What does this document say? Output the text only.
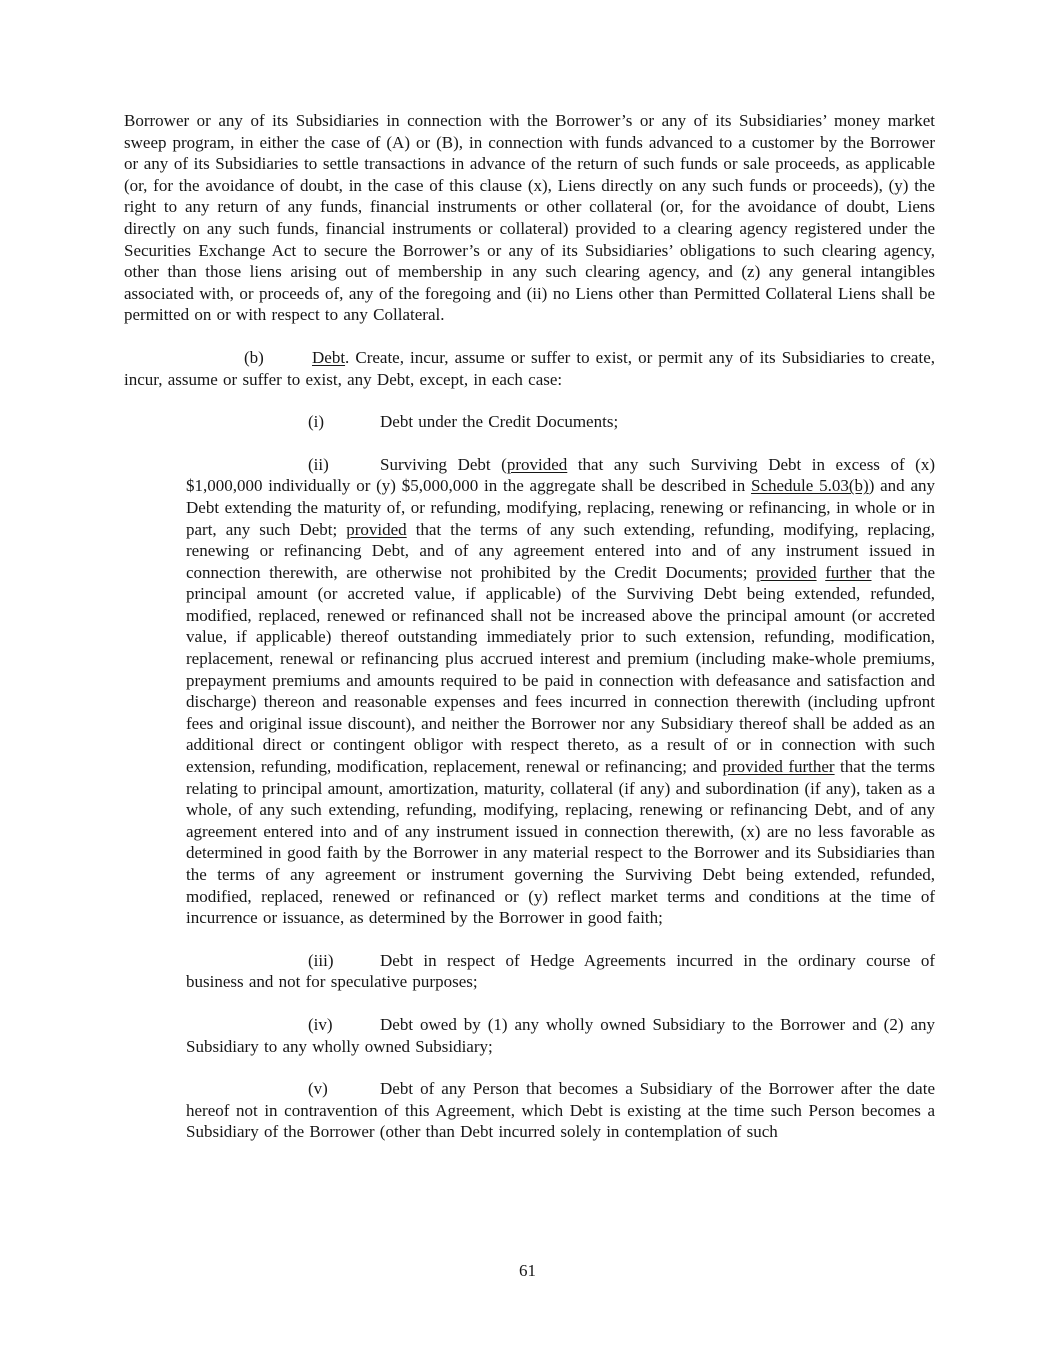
Borrower or any of its Subsidiaries in connection with the Borrower’s or any of its Subsidiaries’ money market sweep program, in either the case of (A) or (B), in connection with funds advanced to a customer by the Borrower or any of its Subsidiaries to settle transactions in advance of the return of such funds or sale proceeds, as applicable (or, for the avoidance of doubt, in the case of this clause (x), Liens directly on any such funds or proceeds), (y) the right to any return of any funds, financial instruments or other collateral (or, for the avoidance of doubt, Liens directly on any such funds, financial instruments or collateral) provided to a clearing agency registered under the Securities Exchange Act to secure the Borrower’s or any of its Subsidiaries’ obligations to such clearing agency, other than those liens arising out of membership in any such clearing agency, and (z) any general intangibles associated with, or proceeds of, any of the foregoing and (ii) no Liens other than Permitted Collateral Liens shall be permitted on or with respect to any Collateral.

(b)	Debt. Create, incur, assume or suffer to exist, or permit any of its Subsidiaries to create, incur, assume or suffer to exist, any Debt, except, in each case:

(i)	Debt under the Credit Documents;

(ii)	Surviving Debt (provided that any such Surviving Debt in excess of (x) $1,000,000 individually or (y) $5,000,000 in the aggregate shall be described in Schedule 5.03(b)) and any Debt extending the maturity of, or refunding, modifying, replacing, renewing or refinancing, in whole or in part, any such Debt; provided that the terms of any such extending, refunding, modifying, replacing, renewing or refinancing Debt, and of any agreement entered into and of any instrument issued in connection therewith, are otherwise not prohibited by the Credit Documents; provided further that the principal amount (or accreted value, if applicable) of the Surviving Debt being extended, refunded, modified, replaced, renewed or refinanced shall not be increased above the principal amount (or accreted value, if applicable) thereof outstanding immediately prior to such extension, refunding, modification, replacement, renewal or refinancing plus accrued interest and premium (including make-whole premiums, prepayment premiums and amounts required to be paid in connection with defeasance and satisfaction and discharge) thereon and reasonable expenses and fees incurred in connection therewith (including upfront fees and original issue discount), and neither the Borrower nor any Subsidiary thereof shall be added as an additional direct or contingent obligor with respect thereto, as a result of or in connection with such extension, refunding, modification, replacement, renewal or refinancing; and provided further that the terms relating to principal amount, amortization, maturity, collateral (if any) and subordination (if any), taken as a whole, of any such extending, refunding, modifying, replacing, renewing or refinancing Debt, and of any agreement entered into and of any instrument issued in connection therewith, (x) are no less favorable as determined in good faith by the Borrower in any material respect to the Borrower and its Subsidiaries than the terms of any agreement or instrument governing the Surviving Debt being extended, refunded, modified, replaced, renewed or refinanced or (y) reflect market terms and conditions at the time of incurrence or issuance, as determined by the Borrower in good faith;

(iii)	Debt in respect of Hedge Agreements incurred in the ordinary course of business and not for speculative purposes;

(iv)	Debt owed by (1) any wholly owned Subsidiary to the Borrower and (2) any Subsidiary to any wholly owned Subsidiary;

(v)	Debt of any Person that becomes a Subsidiary of the Borrower after the date hereof not in contravention of this Agreement, which Debt is existing at the time such Person becomes a Subsidiary of the Borrower (other than Debt incurred solely in contemplation of such

61
